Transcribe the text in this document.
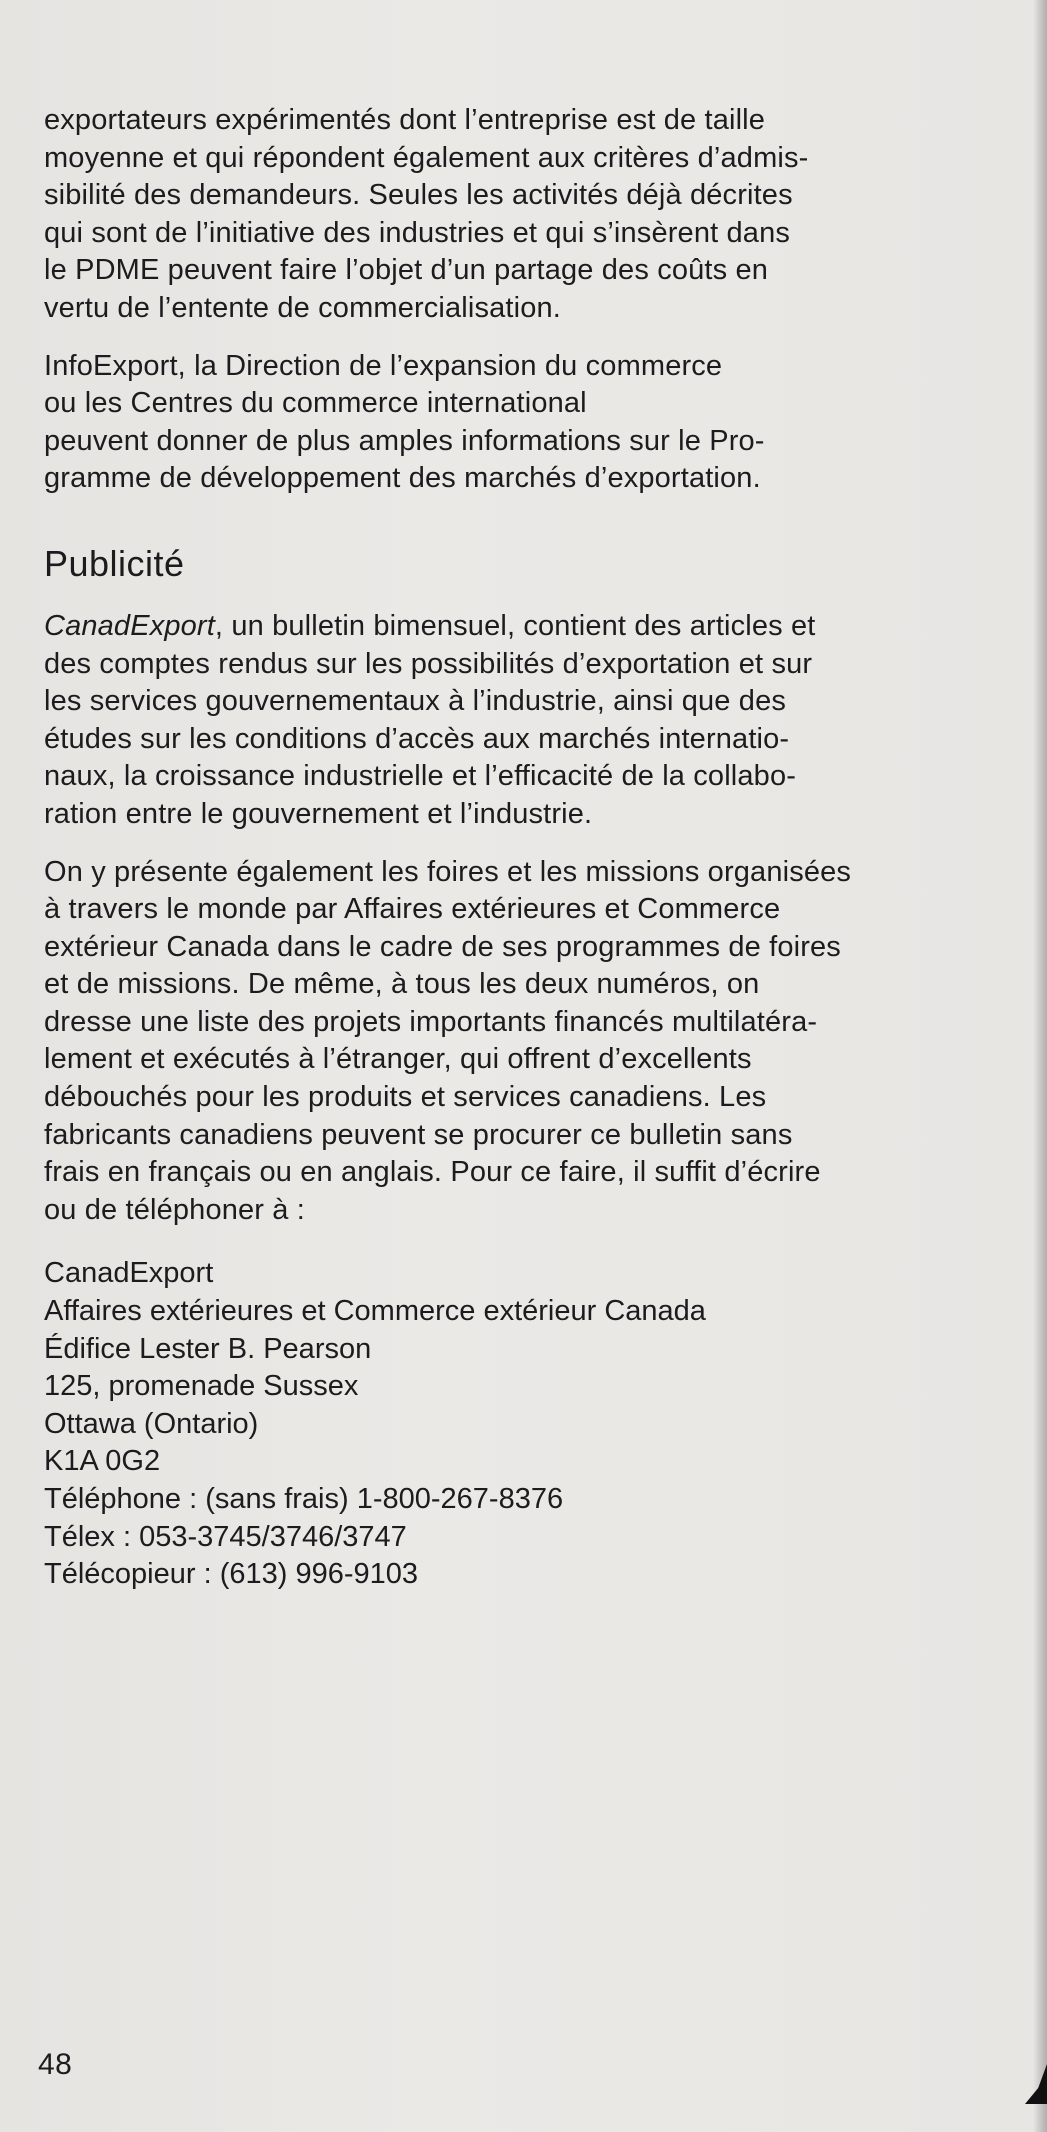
exportateurs expérimentés dont l’entreprise est de taille
moyenne et qui répondent également aux critères d’admis-
sibilité des demandeurs. Seules les activités déjà décrites
qui sont de l’initiative des industries et qui s’insèrent dans
le PDME peuvent faire l’objet d’un partage des coûts en
vertu de l’entente de commercialisation.

InfoExport, la Direction de l’expansion du commerce
ou les Centres du commerce international
peuvent donner de plus amples informations sur le Pro-
gramme de développement des marchés d’exportation.

Publicité

CanadExport, un bulletin bimensuel, contient des articles et
des comptes rendus sur les possibilités d’exportation et sur
les services gouvernementaux à l’industrie, ainsi que des
études sur les conditions d’accès aux marchés internatio-
naux, la croissance industrielle et l’efficacité de la collabo-
ration entre le gouvernement et l’industrie.

On y présente également les foires et les missions organisées
à travers le monde par Affaires extérieures et Commerce
extérieur Canada dans le cadre de ses programmes de foires
et de missions. De même, à tous les deux numéros, on
dresse une liste des projets importants financés multilatéra-
lement et exécutés à l’étranger, qui offrent d’excellents
débouchés pour les produits et services canadiens. Les
fabricants canadiens peuvent se procurer ce bulletin sans
frais en français ou en anglais. Pour ce faire, il suffit d’écrire
ou de téléphoner à :

CanadExport
Affaires extérieures et Commerce extérieur Canada
Édifice Lester B. Pearson
125, promenade Sussex
Ottawa (Ontario)
K1A 0G2
Téléphone : (sans frais) 1-800-267-8376
Télex : 053-3745/3746/3747
Télécopieur : (613) 996-9103
48
